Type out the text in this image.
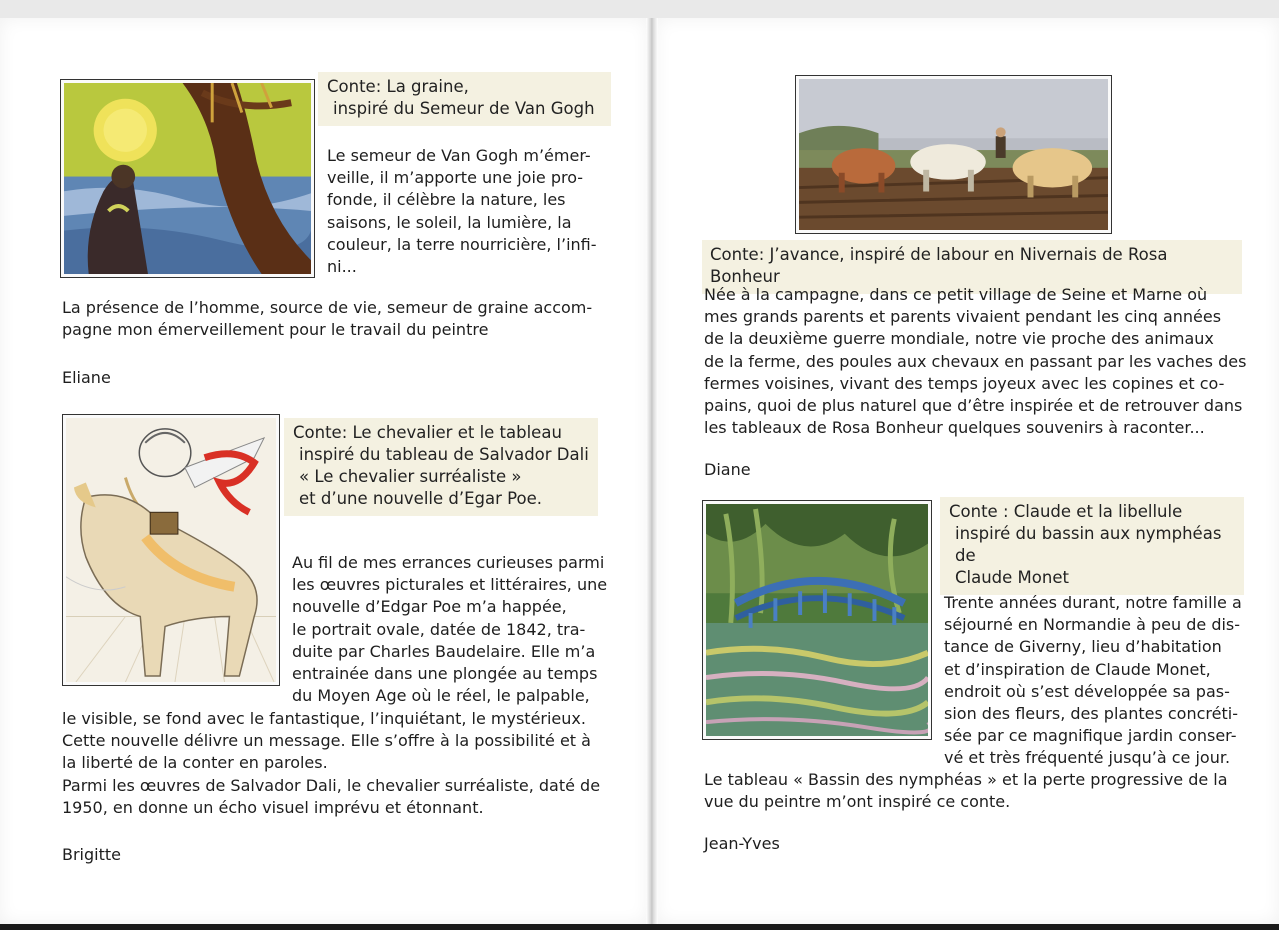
Conte: La graine,
inspiré du Semeur de Van Gogh
Le semeur de Van Gogh m’émer-
veille, il m’apporte une joie pro-
fonde, il célèbre la nature, les
saisons, le soleil, la lumière, la
couleur, la terre nourricière, l’infi-
ni...
La présence de l’homme, source de vie, semeur de graine accom-
pagne mon émerveillement pour le travail du peintre
Eliane
Conte: Le chevalier et le tableau
inspiré du tableau de Salvador Dali
« Le chevalier surréaliste »
et d’une nouvelle d’Egar Poe.
Au fil de mes errances curieuses parmi
les œuvres picturales et littéraires, une
nouvelle d’Edgar Poe m’a happée,
le portrait ovale, datée de 1842, tra-
duite par Charles Baudelaire. Elle m’a
entrainée dans une plongée au temps
du Moyen Age où le réel, le palpable,
le visible, se fond avec le fantastique, l’inquiétant, le mystérieux.
Cette nouvelle délivre un message. Elle s’offre à la possibilité et à
la liberté de la conter en paroles.
Parmi les œuvres de Salvador Dali, le chevalier surréaliste, daté de
1950, en donne un écho visuel imprévu et étonnant.
Brigitte
Conte: J’avance, inspiré de labour en Nivernais de Rosa Bonheur
Née à la campagne, dans ce petit village de Seine et Marne où
mes grands parents et parents vivaient pendant les cinq années
de la deuxième guerre mondiale, notre vie proche des animaux
de la ferme, des poules aux chevaux en passant par les vaches des
fermes voisines, vivant des temps joyeux avec les copines et co-
pains, quoi de plus naturel que d’être inspirée et de retrouver dans
les tableaux de Rosa Bonheur quelques souvenirs à raconter...
Diane
Conte : Claude et la libellule
inspiré du bassin aux nymphéas de
Claude Monet
Trente années durant, notre famille a
séjourné en Normandie à peu de dis-
tance de Giverny, lieu d’habitation
et d’inspiration de Claude Monet,
endroit où s’est développée sa pas-
sion des fleurs, des plantes concréti-
sée par ce magnifique jardin conser-
vé et très fréquenté jusqu’à ce jour.
Le tableau « Bassin des nymphéas » et la perte progressive de la
vue du peintre m’ont inspiré ce conte.
Jean-Yves
